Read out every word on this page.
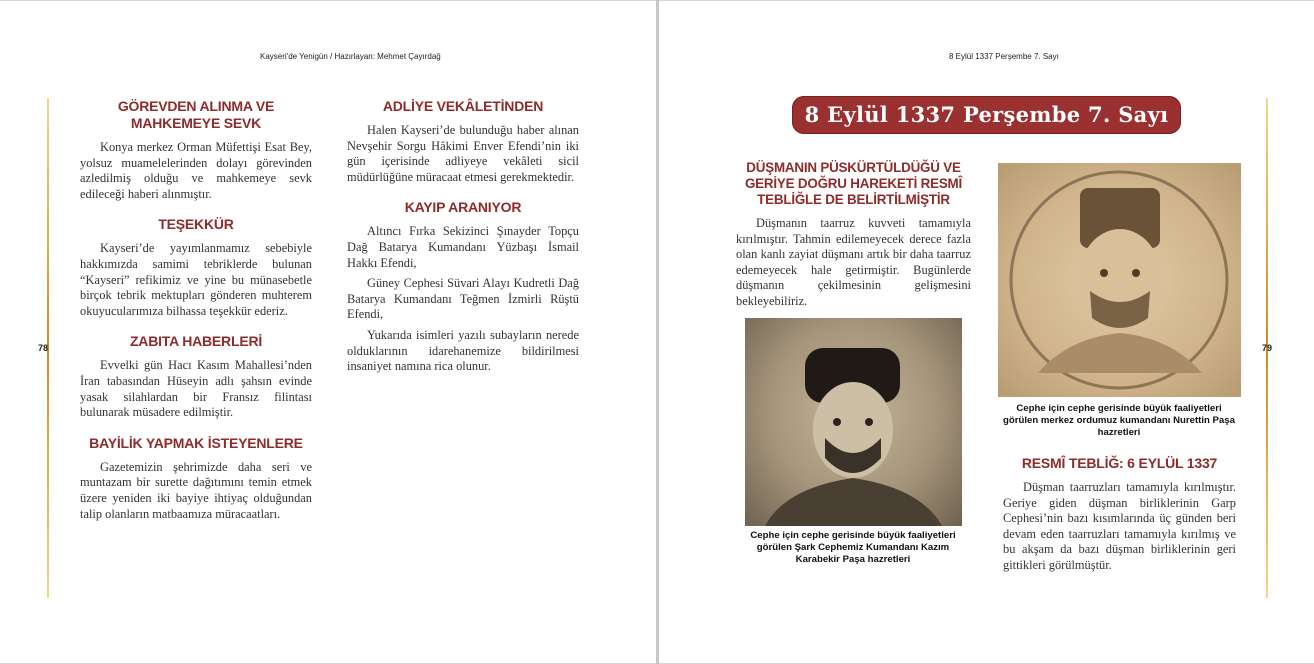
Kayseri'de Yenigün / Hazırlayan: Mehmet Çayırdağ
78
GÖREVDEN ALINMA VE MAHKEMEYE SEVK

Konya merkez Orman Müfettişi Esat Bey, yolsuz muamelelerinden dolayı görevinden azledilmiş olduğu ve mahkemeye sevk edileceği haberi alınmıştır.

TEŞEKKÜR

Kayseri’de yayımlanmamız sebebiyle hakkımızda samimi tebriklerde bulunan “Kayseri” refikimiz ve yine bu münasebetle birçok tebrik mektupları gönderen muhterem okuyucularımıza bilhassa teşekkür ederiz.

ZABITA HABERLERİ

Evvelki gün Hacı Kasım Mahallesi’nden İran tabasından Hüseyin adlı şahsın evinde yasak silahlardan bir Fransız filintası bulunarak müsadere edilmiştir.

BAYİLİK YAPMAK İSTEYENLERE

Gazetemizin şehrimizde daha seri ve muntazam bir surette dağıtımını temin etmek üzere yeniden iki bayiye ihtiyaç olduğundan talip olanların matbaamıza müracaatları.

ADLİYE VEKÂLETİNDEN

Halen Kayseri’de bulunduğu haber alınan Nevşehir Sorgu Hâkimi Enver Efendi’nin iki gün içerisinde adliyeye vekâleti sicil müdürlüğüne müracaat etmesi gerekmektedir.

KAYIP ARANIYOR

Altıncı Fırka Sekizinci Şınayder Topçu Dağ Batarya Kumandanı Yüzbaşı İsmail Hakkı Efendi,

Güney Cephesi Süvari Alayı Kudretli Dağ Batarya Kumandanı Teğmen İzmirli Rüştü Efendi,

Yukarıda isimleri yazılı subayların nerede olduklarının idarehanemize bildirilmesi insaniyet namına rica olunur.

8 Eylül 1337 Perşembe 7. Sayı
79
8 Eylül 1337 Perşembe 7. Sayı
DÜŞMANIN PÜSKÜRTÜLDÜĞÜ VE GERİYE DOĞRU HAREKETİ RESMÎ TEBLİĞLE DE BELİRTİLMİŞTİR

Düşmanın taarruz kuvveti tamamıyla kırılmıştır. Tahmin edilemeyecek derece fazla olan kanlı zayiat düşmanı artık bir daha taarruz edemeyecek hale getirmiştir. Bugünlerde düşmanın çekilmesinin gelişmesini bekleyebiliriz.

Cephe için cephe gerisinde büyük faaliyetleri görülen Şark Cephemiz Kumandanı Kazım Karabekir Paşa hazretleri
Cephe için cephe gerisinde büyük faaliyetleri görülen merkez ordumuz kumandanı Nurettin Paşa hazretleri
RESMÎ TEBLİĞ: 6 EYLÜL 1337

Düşman taarruzları tamamıyla kırılmıştır. Geriye giden düşman birliklerinin Garp Cephesi’nin bazı kısımlarında üç günden beri devam eden taarruzları tamamıyla kırılmış ve bu akşam da bazı düşman birliklerinin geri gittikleri görülmüştür.
